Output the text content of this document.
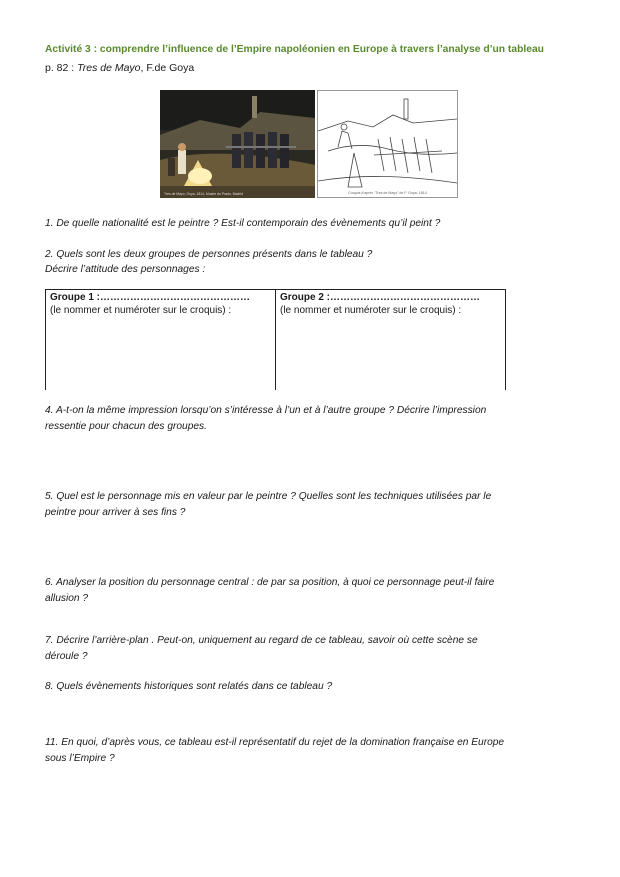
Activité 3 : comprendre l’influence de l’Empire napoléonien en Europe à travers l’analyse d’un tableau
p. 82 : Tres de Mayo, F.de Goya
Tres de Mayo, Goya, 1814, Musée du Prado, Madrid	Croquis d’après “Tres de Mayo” de F. Goya, 1814
1. De quelle nationalité est le peintre ? Est-il contemporain des évènements qu’il peint ?
2. Quels sont les deux groupes de personnes présents dans le tableau ?
Décrire l’attitude des personnages :
Groupe 1 :………………………………………
(le nommer et numéroter sur le croquis) :

Groupe 2 :………………………………………
(le nommer et numéroter sur le croquis) :
4. A-t-on la même impression lorsqu’on s’intéresse à l’un et à l’autre groupe ? Décrire l’impression
ressentie pour chacun des groupes.
5. Quel est le personnage mis en valeur par le peintre ? Quelles sont les techniques utilisées par le
peintre pour arriver à ses fins ?
6. Analyser la position du personnage central : de par sa position, à quoi ce personnage peut-il faire
allusion ?
7. Décrire l’arrière-plan . Peut-on, uniquement au regard de ce tableau, savoir où cette scène se
déroule ?
8. Quels évènements historiques sont relatés dans ce tableau ?
11. En quoi, d’après vous, ce tableau est-il représentatif du rejet de la domination française en Europe
sous l’Empire ?
